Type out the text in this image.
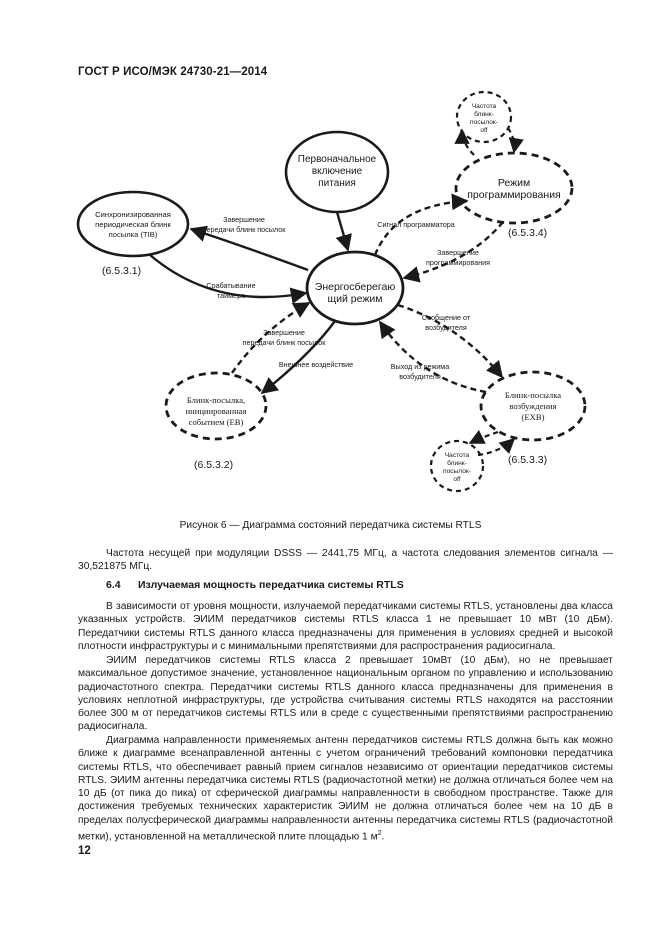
ГОСТ Р ИСО/МЭК 24730-21—2014
Первоначальное
включение
питания	Режим
программирования
Энергосберегаю
щий режим
Синхронизированная
периодическая блинк
посылка (TIB)
Блинк-посылка,
инициированная
событием (ЕВ)
Блинк-посылка
возбуждения
(EXB)
Частота
блинк-
посылок-
off
Частота
блинк-
посылок-
off
(6.5.3.1)
(6.5.3.4)
(6.5.3.2)	(6.5.3.3)
Завершение
передачи блинк посылок
Срабатывание
таймера
Сигнал программатора
Завершение
программирования
Сообщение от
возбудителя
Выход из режима
возбудителя
Завершение
передачи блинк посылок
Внешнее воздействие
Рисунок 6 — Диаграмма состояний передатчика системы RTLS
Частота несущей при модуляции DSSS — 2441,75 МГц, а частота следования элементов сигнала — 30,521875 МГц.
6.4 Излучаемая мощность передатчика системы RTLS
В зависимости от уровня мощности, излучаемой передатчиками системы RTLS, установлены два класса указанных устройств. ЭИИМ передатчиков системы RTLS класса 1 не превышает 10 мВт (10 дБм). Передатчики системы RTLS данного класса предназначены для применения в условиях средней и высокой плотности инфраструктуры и с минимальными препятствиями для распространения радиосигнала.
ЭИИМ передатчиков системы RTLS класса 2 превышает 10мВт (10 дБм), но не превышает максимальное допустимое значение, установленное национальным органом по управлению и использованию радиочастотного спектра. Передатчики системы RTLS данного класса предназначены для применения в условиях неплотной инфраструктуры, где устройства считывания системы RTLS находятся на расстоянии более 300 м от передатчиков системы RTLS или в среде с существенными препятствиями распространению радиосигнала.
Диаграмма направленности применяемых антенн передатчиков системы RTLS должна быть как можно ближе к диаграмме всенаправленной антенны с учетом ограничений требований компоновки передатчика системы RTLS, что обеспечивает равный прием сигналов независимо от ориентации передатчиков системы RTLS. ЭИИМ антенны передатчика системы RTLS (радиочастотной метки) не должна отличаться более чем на 10 дБ (от пика до пика) от сферической диаграммы направленности в свободном пространстве. Также для достижения требуемых технических характеристик ЭИИМ не должна отличаться более чем на 10 дБ в пределах полусферической диаграммы направленности антенны передатчика системы RTLS (радиочастотной метки), установленной на металлической плите площадью 1 $м^2$.
12
